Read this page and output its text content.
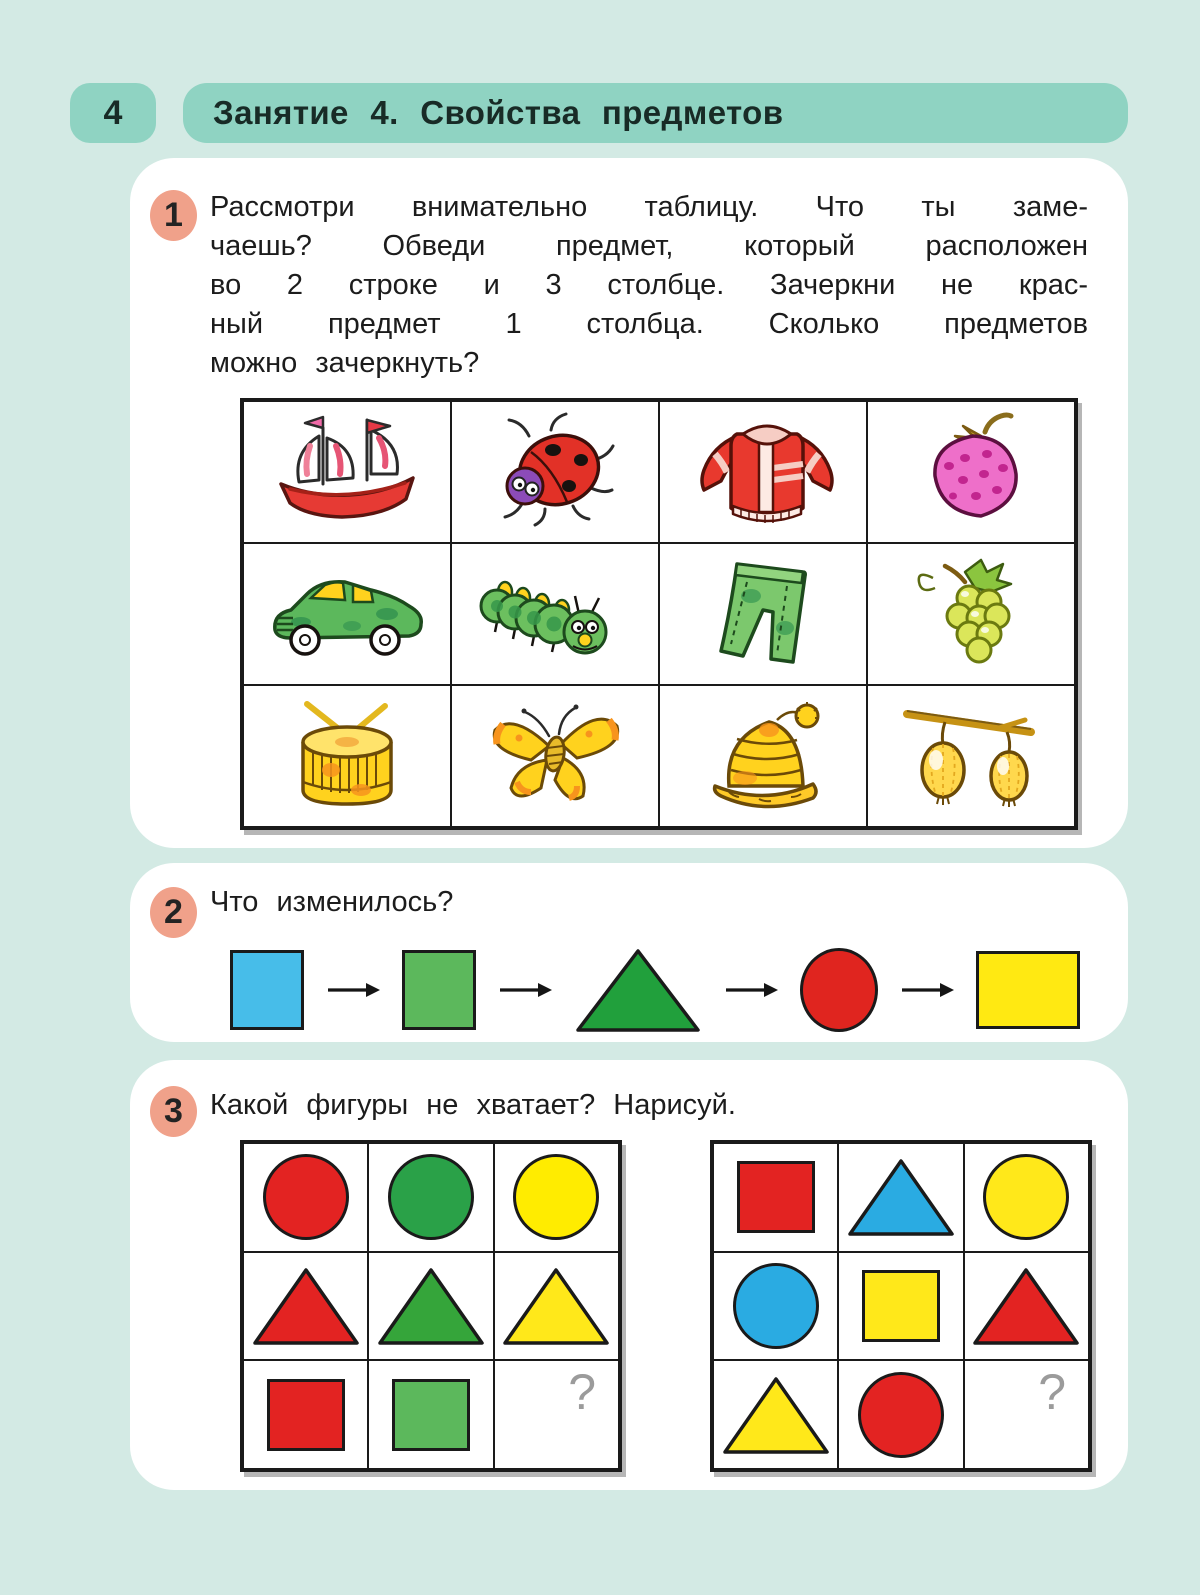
4	Занятие 4. Свойства предметов
1 Рассмотри внимательно таблицу. Что ты заме-
чаешь? Обведи предмет, который расположен
во 2 строке и 3 столбце. Зачеркни не крас-
ный предмет 1 столбца. Сколько предметов
можно зачеркнуть?
2 Что изменилось?
3 Какой фигуры не хватает? Нарисуй.
?	?
